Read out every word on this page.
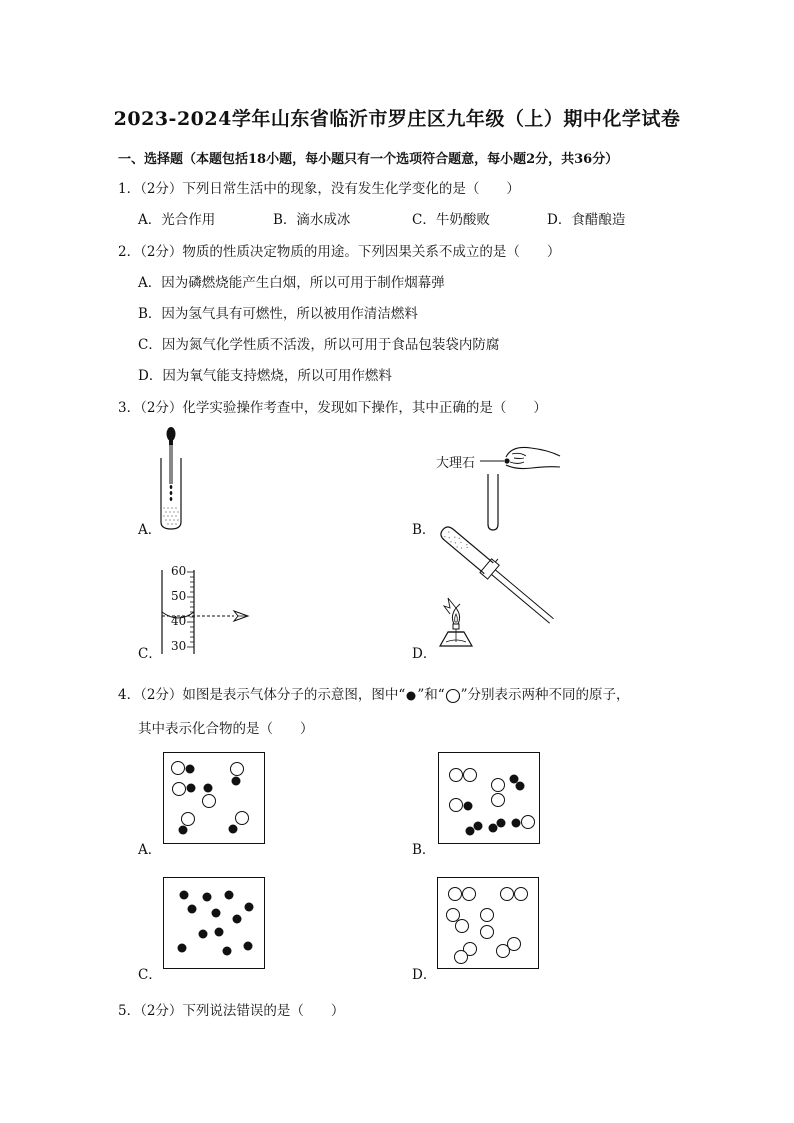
2023-2024学年山东省临沂市罗庄区九年级（上）期中化学试卷
一、选择题（本题包括18小题，每小题只有一个选项符合题意，每小题2分，共36分）
1．（2分）下列日常生活中的现象，没有发生化学变化的是（　　）
A．光合作用	B．滴水成冰	C．牛奶酸败	D．食醋酿造
2．（2分）物质的性质决定物质的用途。下列因果关系不成立的是（　　）
A．因为磷燃烧能产生白烟，所以可用于制作烟幕弹
B．因为氢气具有可燃性，所以被用作清洁燃料
C．因为氮气化学性质不活泼，所以可用于食品包装袋内防腐
D．因为氧气能支持燃烧，所以可用作燃料
3．（2分）化学实验操作考查中，发现如下操作，其中正确的是（　　）
A．
大理石
B．
60
50
40
30
C．	D．
4．（2分）如图是表示气体分子的示意图，图中“ ”和“ ”分别表示两种不同的原子，
其中表示化合物的是（　　）
A．	B．
C．	D．
5．（2分）下列说法错误的是（　　）
